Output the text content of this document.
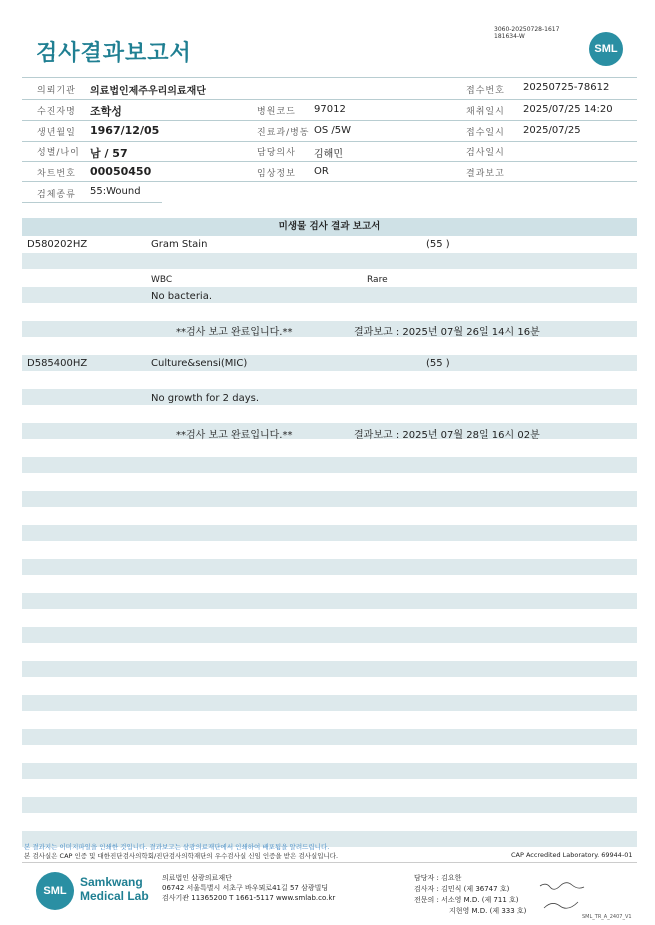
검사결과보고서
3060-20250728-1617
181634-W
SML
의뢰기관 의료법인제주우리의료재단	접수번호 20250725-78612
수진자명 조학성	병원코드 97012	채취일시 2025/07/25 14:20
생년월일 1967/12/05	진료과/병동 OS /5W	접수일시 2025/07/25
성별/나이 남 / 57	담당의사 김해민	검사일시
차트번호 00050450	임상정보 OR	결과보고
검체종류 55:Wound
미생물 검사 결과 보고서
D580202HZ	Gram Stain	(55 )
WBC	Rare
No bacteria.
**검사 보고 완료입니다.**	결과보고 : 2025년 07월 26일 14시 16분
D585400HZ	Culture&sensi(MIC)	(55 )
No growth for 2 days.
**검사 보고 완료입니다.**	결과보고 : 2025년 07월 28일 16시 02분
본 결과지는 이미지파일을 인쇄한 것입니다. 결과보고는 삼광의료재단에서 인쇄하여 배포됨을 알려드립니다.
본 검사실은 CAP 인증 및 대한진단검사의학회/진단검사의학재단의 우수검사실 신임 인증을 받은 검사실입니다.	CAP Accredited Laboratory. 69944-01
SML
Samkwang
Medical Lab
의료법인 삼광의료재단
06742 서울특별시 서초구 바우뫼로41길 57 삼광빌딩
검사기관 11365200 T 1661-5117 www.smlab.co.kr
담당자 : 김요한
검사자 : 김민식 (제 36747 호)
전문의 : 서소영 M.D. (제 711 호)
지현영 M.D. (제 333 호)
SML_TR_A_2407_V1
